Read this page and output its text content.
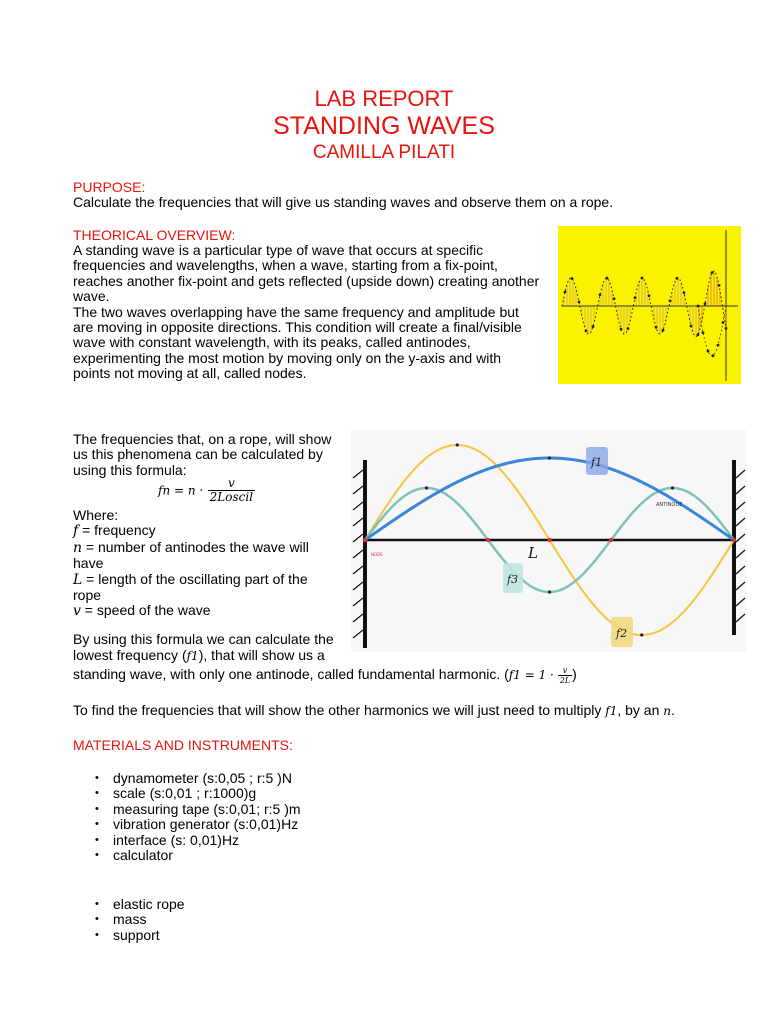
LAB REPORT
STANDING WAVES
CAMILLA PILATI
PURPOSE:
Calculate the frequencies that will give us standing waves and observe them on a rope.
THEORICAL OVERVIEW:
A standing wave is a particular type of wave that occurs at specific
frequencies and wavelengths, when a wave, starting from a fix-point,
reaches another fix-point and gets reflected (upside down) creating another
wave.
The two waves overlapping have the same frequency and amplitude but
are moving in opposite directions. This condition will create a final/visible
wave with constant wavelength, with its peaks, called antinodes,
experimenting the most motion by moving only on the y-axis and with
points not moving at all, called nodes.
The frequencies that, on a rope, will show
us this phenomena can be calculated by
using this formula:
fn = $n \cdot \frac{v}{\text{2Loscil}}$
Where:
f = frequency
n = number of antinodes the wave will
have
L = length of the oscillating part of the
rope
v = speed of the wave
L
f1
f2
f3
NODE
ANTINODE
By using this formula we can calculate the
lowest frequency (f1), that will show us a
standing wave, with only one antinode, called fundamental harmonic. ($f1 = 1 \cdot \frac{v}{2L}$ )
To find the frequencies that will show the other harmonics we will just need to multiply f1, by an n.
MATERIALS AND INSTRUMENTS:
• dynamometer (s:0,05 ; r:5 )N
• scale (s:0,01 ; r:1000)g
• measuring tape (s:0,01; r:5 )m
• vibration generator (s:0,01)Hz
• interface (s: 0,01)Hz
• calculator
• elastic rope
• mass
• support
